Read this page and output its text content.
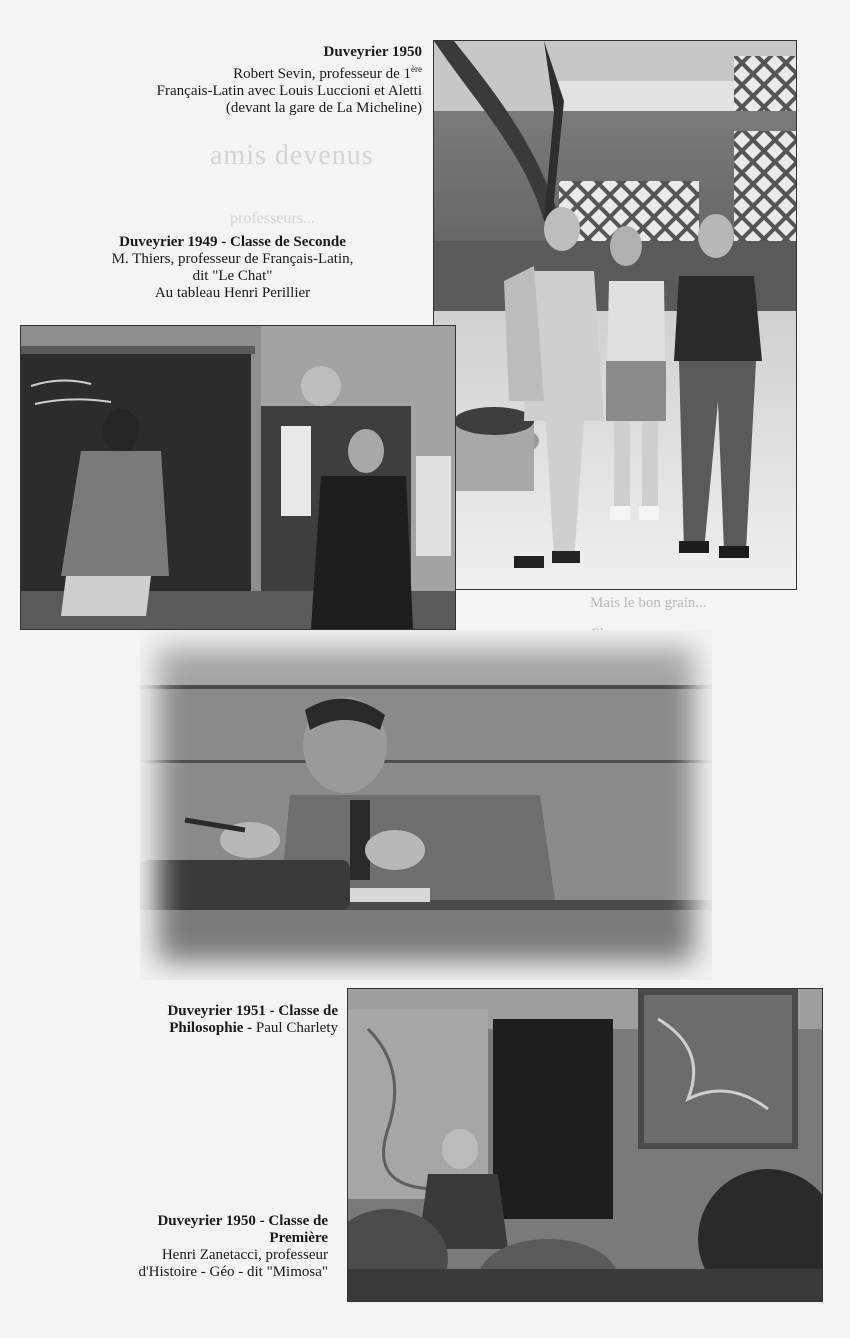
amis devenus
professeurs...
Mais le bon grain...
Duveyrier 1950
Robert Sevin, professeur de 1ère
Français-Latin avec Louis Luccioni et Aletti
(devant la gare de La Micheline)
Duveyrier 1949 - Classe de Seconde
M. Thiers, professeur de Français-Latin,
dit "Le Chat"
Au tableau Henri Perillier
Duveyrier 1951 - Classe de
Philosophie - Paul Charlety
Duveyrier 1950 - Classe de
Première
Henri Zanetacci, professeur
d'Histoire - Géo - dit "Mimosa"
